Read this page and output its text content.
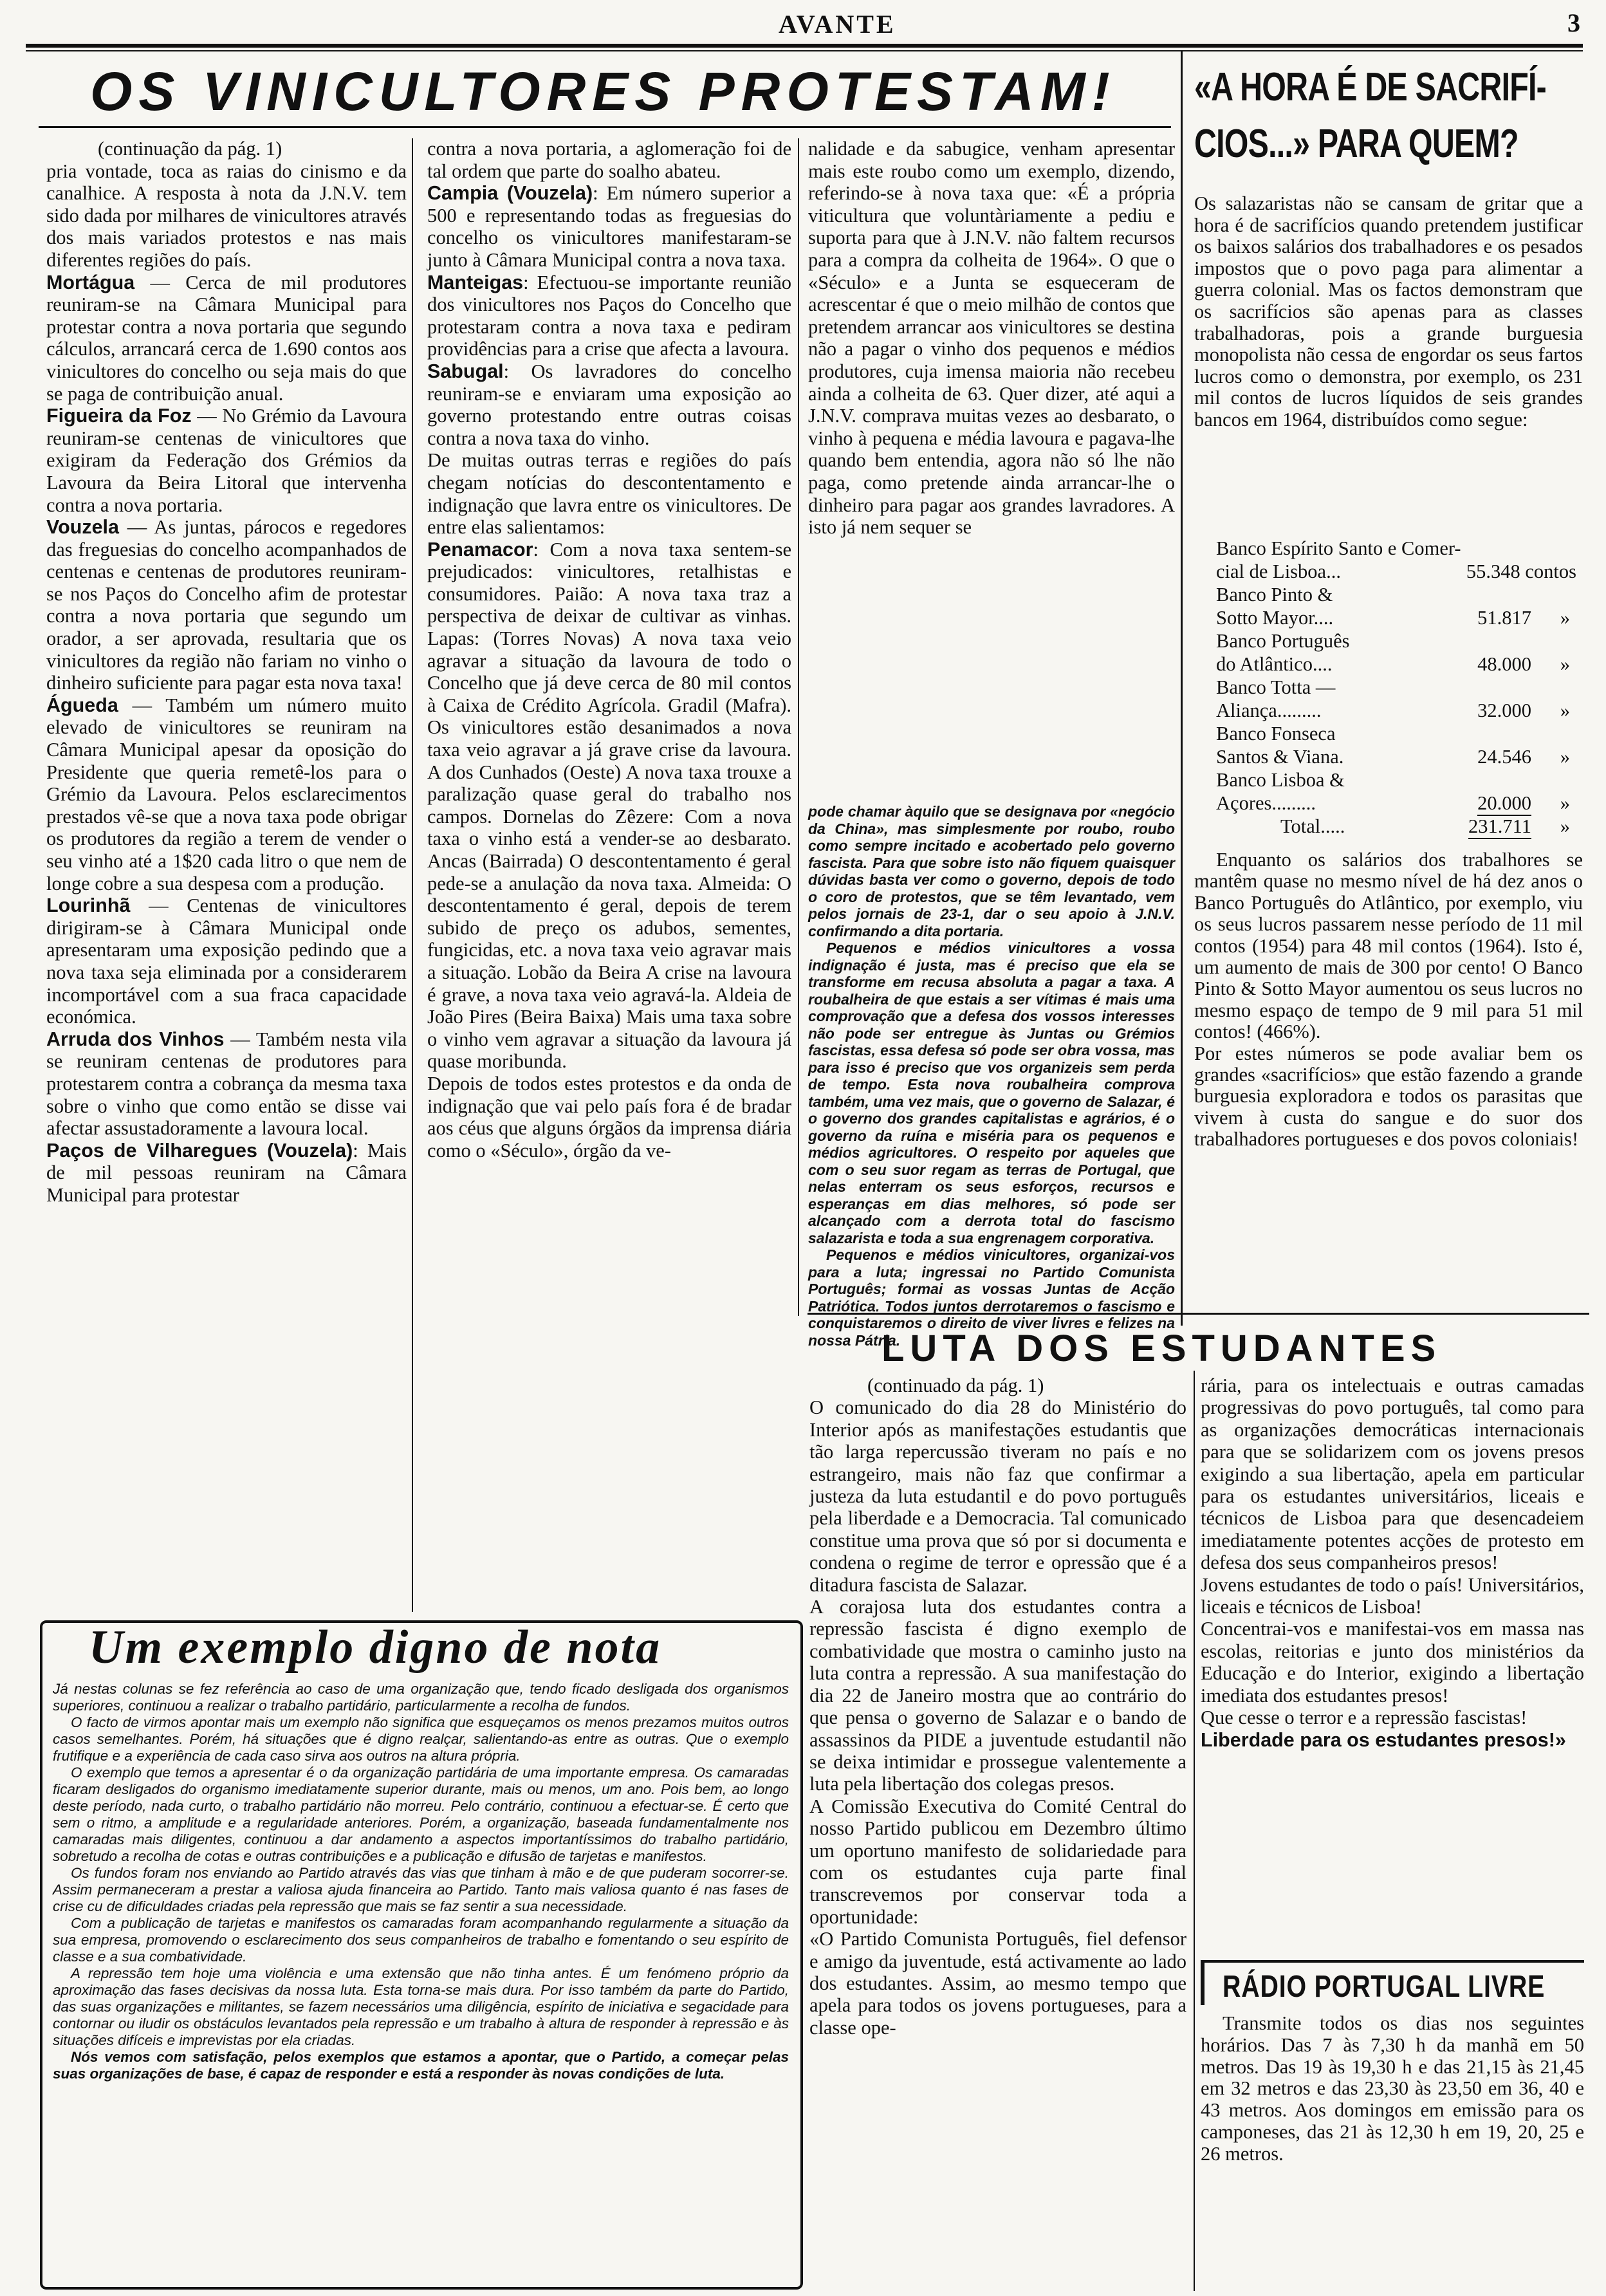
AVANTE	3
OS VINICULTORES PROTESTAM!

(continuação da pág. 1)

pria vontade, toca as raias do cinismo e da canalhice. A resposta à nota da J.N.V. tem sido dada por milhares de vinicultores através dos mais variados protestos e nas mais diferentes regiões do país.

Mortágua — Cerca de mil produtores reuniram-se na Câmara Municipal para protestar contra a nova portaria que segundo cálculos, arrancará cerca de 1.690 contos aos vinicultores do concelho ou seja mais do que se paga de contribuição anual.

Figueira da Foz — No Grémio da Lavoura reuniram-se centenas de vinicultores que exigiram da Federação dos Grémios da Lavoura da Beira Litoral que intervenha contra a nova portaria.

Vouzela — As juntas, párocos e regedores das freguesias do concelho acompanhados de centenas e centenas de produtores reuniram-se nos Paços do Concelho afim de protestar contra a nova portaria que segundo um orador, a ser aprovada, resultaria que os vinicultores da região não fariam no vinho o dinheiro suficiente para pagar esta nova taxa!

Águeda — Também um número muito elevado de vinicultores se reuniram na Câmara Municipal apesar da oposição do Presidente que queria remetê-los para o Grémio da Lavoura. Pelos esclarecimentos prestados vê-se que a nova taxa pode obrigar os produtores da região a terem de vender o seu vinho até a 1$20 cada litro o que nem de longe cobre a sua despesa com a produção.

Lourinhã — Centenas de vinicultores dirigiram-se à Câmara Municipal onde apresentaram uma exposição pedindo que a nova taxa seja eliminada por a considerarem incomportável com a sua fraca capacidade económica.

Arruda dos Vinhos — Também nesta vila se reuniram centenas de produtores para protestarem contra a cobrança da mesma taxa sobre o vinho que como então se disse vai afectar assustadoramente a lavoura local.

Paços de Vilharegues (Vouzela): Mais de mil pessoas reuniram na Câmara Municipal para protestar

contra a nova portaria, a aglomeração foi de tal ordem que parte do soalho abateu.

Campia (Vouzela): Em número superior a 500 e representando todas as freguesias do concelho os vinicultores manifestaram-se junto à Câmara Municipal contra a nova taxa.

Manteigas: Efectuou-se importante reunião dos vinicultores nos Paços do Concelho que protestaram contra a nova taxa e pediram providências para a crise que afecta a lavoura.

Sabugal: Os lavradores do concelho reuniram-se e enviaram uma exposição ao governo protestando entre outras coisas contra a nova taxa do vinho.

De muitas outras terras e regiões do país chegam notícias do descontentamento e indignação que lavra entre os vinicultores. De entre elas salientamos:

Penamacor: Com a nova taxa sentem-se prejudicados: vinicultores, retalhistas e consumidores. Paião: A nova taxa traz a perspectiva de deixar de cultivar as vinhas. Lapas: (Torres Novas) A nova taxa veio agravar a situação da lavoura de todo o Concelho que já deve cerca de 80 mil contos à Caixa de Crédito Agrícola. Gradil (Mafra). Os vinicultores estão desanimados a nova taxa veio agravar a já grave crise da lavoura. A dos Cunhados (Oeste) A nova taxa trouxe a paralização quase geral do trabalho nos campos. Dornelas do Zêzere: Com a nova taxa o vinho está a vender-se ao desbarato. Ancas (Bairrada) O descontentamento é geral pede-se a anulação da nova taxa. Almeida: O descontentamento é geral, depois de terem subido de preço os adubos, sementes, fungicidas, etc. a nova taxa veio agravar mais a situação. Lobão da Beira A crise na lavoura é grave, a nova taxa veio agravá-la. Aldeia de João Pires (Beira Baixa) Mais uma taxa sobre o vinho vem agravar a situação da lavoura já quase moribunda.

Depois de todos estes protestos e da onda de indignação que vai pelo país fora é de bradar aos céus que alguns órgãos da imprensa diária como o «Século», órgão da ve-

nalidade e da sabugice, venham apresentar mais este roubo como um exemplo, dizendo, referindo-se à nova taxa que: «É a própria viticultura que voluntàriamente a pediu e suporta para que à J.N.V. não faltem recursos para a compra da colheita de 1964». O que o «Século» e a Junta se esqueceram de acrescentar é que o meio milhão de contos que pretendem arrancar aos vinicultores se destina não a pagar o vinho dos pequenos e médios produtores, cuja imensa maioria não recebeu ainda a colheita de 63. Quer dizer, até aqui a J.N.V. comprava muitas vezes ao desbarato, o vinho à pequena e média lavoura e pagava-lhe quando bem entendia, agora não só lhe não paga, como pretende ainda arrancar-lhe o dinheiro para pagar aos grandes lavradores. A isto já nem sequer se

pode chamar àquilo que se designava por «negócio da China», mas simplesmente por roubo, roubo como sempre incitado e acobertado pelo governo fascista. Para que sobre isto não fiquem quaisquer dúvidas basta ver como o governo, depois de todo o coro de protestos, que se têm levantado, vem pelos jornais de 23-1, dar o seu apoio à J.N.V. confirmando a dita portaria.

Pequenos e médios vinicultores a vossa indignação é justa, mas é preciso que ela se transforme em recusa absoluta a pagar a taxa. A roubalheira de que estais a ser vítimas é mais uma comprovação que a defesa dos vossos interesses não pode ser entregue às Juntas ou Grémios fascistas, essa defesa só pode ser obra vossa, mas para isso é preciso que vos organizeis sem perda de tempo. Esta nova roubalheira comprova também, uma vez mais, que o governo de Salazar, é o governo dos grandes capitalistas e agrários, é o governo da ruína e miséria para os pequenos e médios agricultores. O respeito por aqueles que com o seu suor regam as terras de Portugal, que nelas enterram os seus esforços, recursos e esperanças em dias melhores, só pode ser alcançado com a derrota total do fascismo salazarista e toda a sua engrenagem corporativa.

Pequenos e médios vinicultores, organizai-vos para a luta; ingressai no Partido Comunista Português; formai as vossas Juntas de Acção Patriótica. Todos juntos derrotaremos o fascismo e conquistaremos o direito de viver livres e felizes na nossa Pátria.

«A HORA É DE SACRIFÍ-
CIOS...» PARA QUEM?

Os salazaristas não se cansam de gritar que a hora é de sacrifícios quando pretendem justificar os baixos salários dos trabalhadores e os pesados impostos que o povo paga para alimentar a guerra colonial. Mas os factos demonstram que os sacrifícios são apenas para as classes trabalhadoras, pois a grande burguesia monopolista não cessa de engordar os seus fartos lucros como o demonstra, por exemplo, os 231 mil contos de lucros líquidos de seis grandes bancos em 1964, distribuídos como segue:

Banco Espírito Santo e Comer-
cial de Lisboa...	55.348 contos
Banco Pinto &
Sotto Mayor....	51.817 »
Banco Português
do Atlântico....	48.000 »
Banco Totta —
Aliança.........	32.000 »
Banco Fonseca
Santos & Viana.	24.546 »
Banco Lisboa &
Açores.........	20.000 »
Total.....	231.711 »

Enquanto os salários dos trabalhores se mantêm quase no mesmo nível de há dez anos o Banco Português do Atlântico, por exemplo, viu os seus lucros passarem nesse período de 11 mil contos (1954) para 48 mil contos (1964). Isto é, um aumento de mais de 300 por cento! O Banco Pinto & Sotto Mayor aumentou os seus lucros no mesmo espaço de tempo de 9 mil para 51 mil contos! (466%).

Por estes números se pode avaliar bem os grandes «sacrifícios» que estão fazendo a grande burguesia exploradora e todos os parasitas que vivem à custa do sangue e do suor dos trabalhadores portugueses e dos povos coloniais!

LUTA DOS ESTUDANTES

(continuado da pág. 1)

O comunicado do dia 28 do Ministério do Interior após as manifestações estudantis que tão larga repercussão tiveram no país e no estrangeiro, mais não faz que confirmar a justeza da luta estudantil e do povo português pela liberdade e a Democracia. Tal comunicado constitue uma prova que só por si documenta e condena o regime de terror e opressão que é a ditadura fascista de Salazar.

A corajosa luta dos estudantes contra a repressão fascista é digno exemplo de combatividade que mostra o caminho justo na luta contra a repressão. A sua manifestação do dia 22 de Janeiro mostra que ao contrário do que pensa o governo de Salazar e o bando de assassinos da PIDE a juventude estudantil não se deixa intimidar e prossegue valentemente a luta pela libertação dos colegas presos.

A Comissão Executiva do Comité Central do nosso Partido publicou em Dezembro último um oportuno manifesto de solidariedade para com os estudantes cuja parte final transcrevemos por conservar toda a oportunidade:

«O Partido Comunista Português, fiel defensor e amigo da juventude, está activamente ao lado dos estudantes. Assim, ao mesmo tempo que apela para todos os jovens portugueses, para a classe ope-

rária, para os intelectuais e outras camadas progressivas do povo português, tal como para as organizações democráticas internacionais para que se solidarizem com os jovens presos exigindo a sua libertação, apela em particular para os estudantes universitários, liceais e técnicos de Lisboa para que desencadeiem imediatamente potentes acções de protesto em defesa dos seus companheiros presos!

Jovens estudantes de todo o país! Universitários, liceais e técnicos de Lisboa!

Concentrai-vos e manifestai-vos em massa nas escolas, reitorias e junto dos ministérios da Educação e do Interior, exigindo a libertação imediata dos estudantes presos!

Que cesse o terror e a repressão fascistas!

Liberdade para os estudantes presos!»

RÁDIO PORTUGAL LIVRE

Transmite todos os dias nos seguintes horários. Das 7 às 7,30 h da manhã em 50 metros. Das 19 às 19,30 h e das 21,15 às 21,45 em 32 metros e das 23,30 às 23,50 em 36, 40 e 43 metros. Aos domingos em emissão para os camponeses, das 21 às 12,30 h em 19, 20, 25 e 26 metros.

Um exemplo digno de nota

Já nestas colunas se fez referência ao caso de uma organização que, tendo ficado desligada dos organismos superiores, continuou a realizar o trabalho partidário, particularmente a recolha de fundos.

O facto de virmos apontar mais um exemplo não significa que esqueçamos os menos prezamos muitos outros casos semelhantes. Porém, há situações que é digno realçar, salientando-as entre as outras. Que o exemplo frutifique e a experiência de cada caso sirva aos outros na altura própria.

O exemplo que temos a apresentar é o da organização partidária de uma importante empresa. Os camaradas ficaram desligados do organismo imediatamente superior durante, mais ou menos, um ano. Pois bem, ao longo deste período, nada curto, o trabalho partidário não morreu. Pelo contrário, continuou a efectuar-se. É certo que sem o ritmo, a amplitude e a regularidade anteriores. Porém, a organização, baseada fundamentalmente nos camaradas mais diligentes, continuou a dar andamento a aspectos importantíssimos do trabalho partidário, sobretudo a recolha de cotas e outras contribuições e a publicação e difusão de tarjetas e manifestos.

Os fundos foram nos enviando ao Partido através das vias que tinham à mão e de que puderam socorrer-se. Assim permaneceram a prestar a valiosa ajuda financeira ao Partido. Tanto mais valiosa quanto é nas fases de crise cu de dificuldades criadas pela repressão que mais se faz sentir a sua necessidade.

Com a publicação de tarjetas e manifestos os camaradas foram acompanhando regularmente a situação da sua empresa, promovendo o esclarecimento dos seus companheiros de trabalho e fomentando o seu espírito de classe e a sua combatividade.

A repressão tem hoje uma violência e uma extensão que não tinha antes. É um fenómeno próprio da aproximação das fases decisivas da nossa luta. Esta torna-se mais dura. Por isso também da parte do Partido, das suas organizações e militantes, se fazem necessários uma diligência, espírito de iniciativa e segacidade para contornar ou iludir os obstáculos levantados pela repressão e um trabalho à altura de responder à repressão e às situações difíceis e imprevistas por ela criadas.

Nós vemos com satisfação, pelos exemplos que estamos a apontar, que o Partido, a começar pelas suas organizações de base, é capaz de responder e está a responder às novas condições de luta.
